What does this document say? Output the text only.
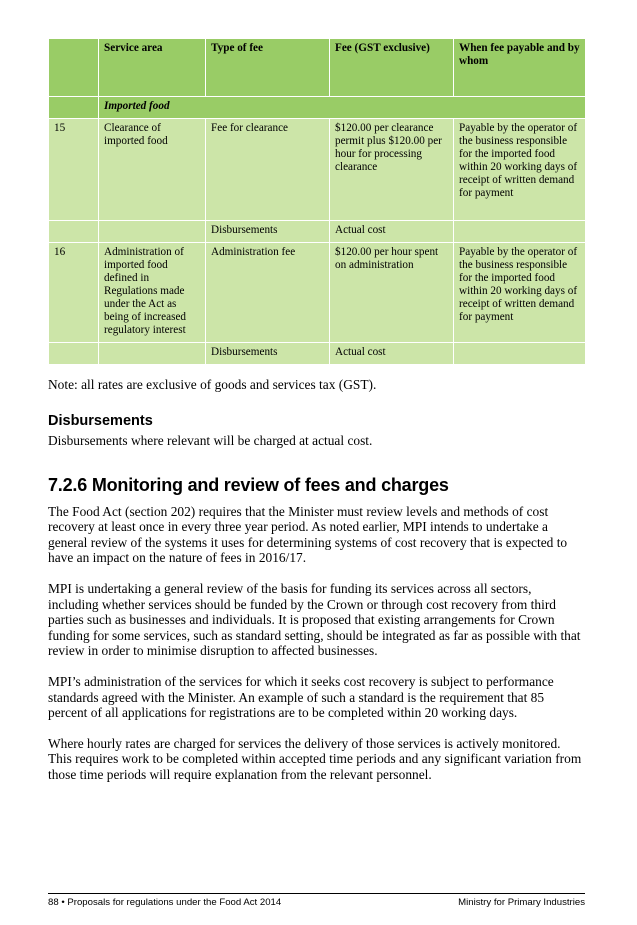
	Service area	Type of fee	Fee (GST exclusive)	When fee payable and by whom
	Imported food			
15	Clearance of imported food	Fee for clearance	$120.00 per clearance permit plus $120.00 per hour for processing clearance	Payable by the operator of the business responsible for the imported food within 20 working days of receipt of written demand for payment
		Disbursements	Actual cost	
16	Administration of imported food defined in Regulations made under the Act as being of increased regulatory interest	Administration fee	$120.00 per hour spent on administration	Payable by the operator of the business responsible for the imported food within 20 working days of receipt of written demand for payment
		Disbursements	Actual cost	

Note: all rates are exclusive of goods and services tax (GST).

Disbursements

Disbursements where relevant will be charged at actual cost.

7.2.6 Monitoring and review of fees and charges

The Food Act (section 202) requires that the Minister must review levels and methods of cost recovery at least once in every three year period. As noted earlier, MPI intends to undertake a general review of the systems it uses for determining systems of cost recovery that is expected to have an impact on the nature of fees in 2016/17.

MPI is undertaking a general review of the basis for funding its services across all sectors, including whether services should be funded by the Crown or through cost recovery from third parties such as businesses and individuals. It is proposed that existing arrangements for Crown funding for some services, such as standard setting, should be integrated as far as possible with that review in order to minimise disruption to affected businesses.

MPI’s administration of the services for which it seeks cost recovery is subject to performance standards agreed with the Minister. An example of such a standard is the requirement that 85 percent of all applications for registrations are to be completed within 20 working days.

Where hourly rates are charged for services the delivery of those services is actively monitored. This requires work to be completed within accepted time periods and any significant variation from those time periods will require explanation from the relevant personnel.

88 • Proposals for regulations under the Food Act 2014	Ministry for Primary Industries
